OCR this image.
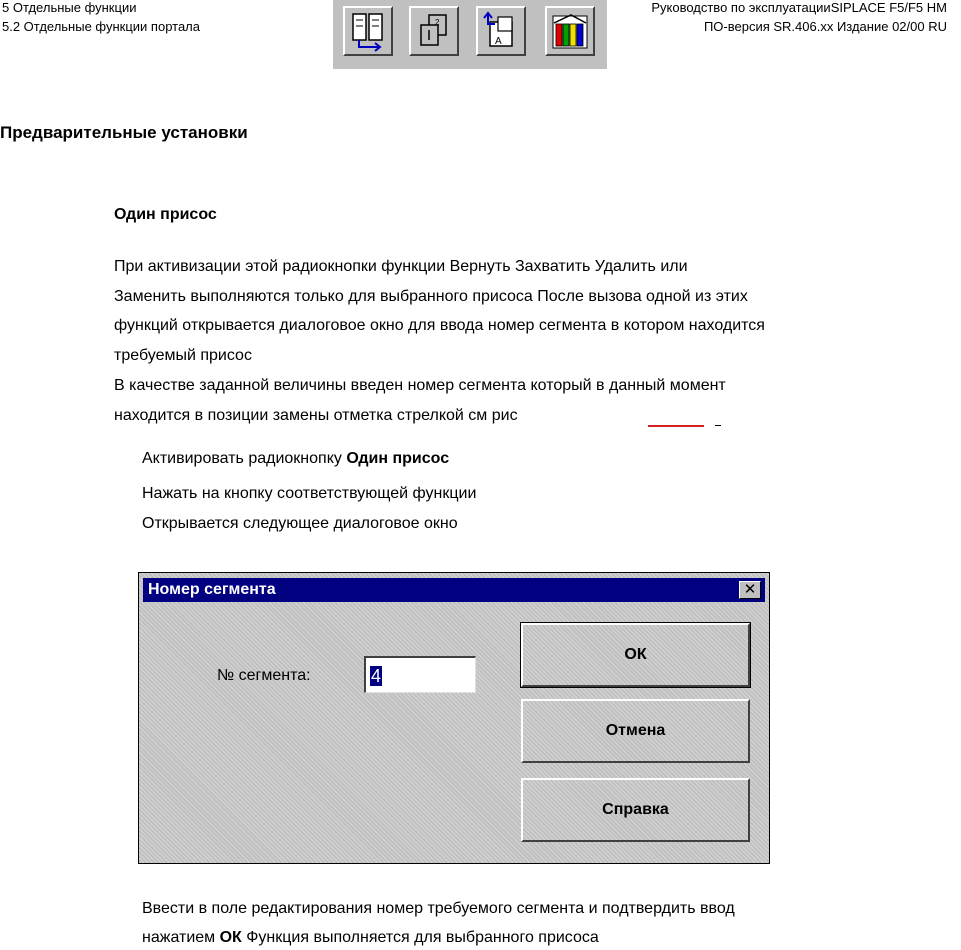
5 Отдельные функции
5.2 Отдельные функции портала
Руководство по эксплуатацииSIPLACE F5/F5 HM
ПО-версия SR.406.xx Издание 02/00 RU
2
A
Предварительные установки
Один присос
При активизации этой радиокнопки функции Вернуть Захватить Удалить или
Заменить выполняются только для выбранного присоса После вызова одной из этих
функций открывается диалоговое окно для ввода номер сегмента в котором находится
требуемый присос
В качестве заданной величины введен номер сегмента который в данный момент
находится в позиции замены отметка стрелкой см рис
Активировать радиокнопку Один присос
Нажать на кнопку соответствующей функции
Открывается следующее диалоговое окно
Номер сегмента	✕
№ сегмента:	4
ОК
Отмена
Справка
Ввести в поле редактирования номер требуемого сегмента и подтвердить ввод
нажатием ОК Функция выполняется для выбранного присоса
